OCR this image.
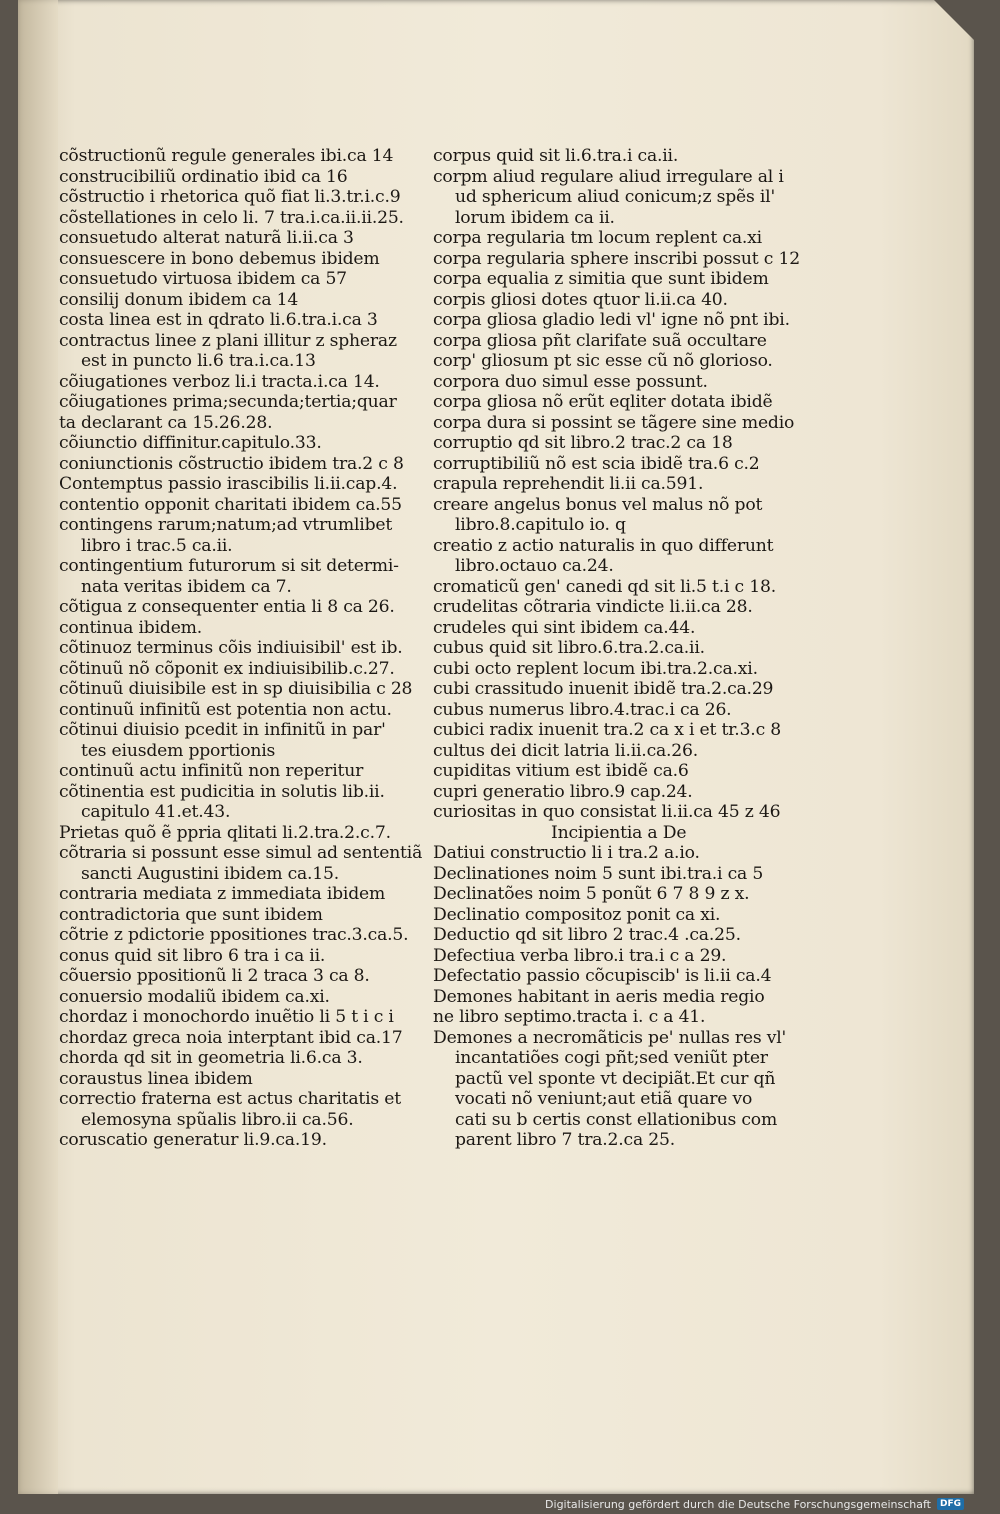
cõstructionũ regule generales ibi.ca 14
construcibiliũ ordinatio ibid ca 16
cõstructio i rhetorica quõ fiat li.3.tr.i.c.9
cõstellationes in celo li. 7 tra.i.ca.ii.ii.25.
consuetudo alterat naturã li.ii.ca 3
consuescere in bono debemus ibidem
consuetudo virtuosa ibidem ca 57
consilij donum ibidem ca 14
costa linea est in qdrato li.6.tra.i.ca 3
contractus linee z plani illitur z spheraz
est in puncto li.6 tra.i.ca.13
cõiugationes verboz li.i tracta.i.ca 14.
cõiugationes prima;secunda;tertia;quar
ta declarant ca 15.26.28.
cõiunctio diffinitur.capitulo.33.
coniunctionis cõstructio ibidem tra.2 c 8
Contemptus passio irascibilis li.ii.cap.4.
contentio opponit charitati ibidem ca.55
contingens rarum;natum;ad vtrumlibet
libro i trac.5 ca.ii.
contingentium futurorum si sit determi-
nata veritas ibidem ca 7.
cõtigua z consequenter entia li 8 ca 26.
continua ibidem.
cõtinuoz terminus cõis indiuisibil' est ib.
cõtinuũ nõ cõponit ex indiuisibilib.c.27.
cõtinuũ diuisibile est in sp diuisibilia c 28
continuũ infinitũ est potentia non actu.
cõtinui diuisio pcedit in infinitũ in par'
tes eiusdem pportionis
continuũ actu infinitũ non reperitur
cõtinentia est pudicitia in solutis lib.ii.
capitulo 41.et.43.
Prietas quõ ẽ ppria qlitati li.2.tra.2.c.7.
cõtraria si possunt esse simul ad sententiã
sancti Augustini ibidem ca.15.
contraria mediata z immediata ibidem
contradictoria que sunt ibidem
cõtrie z pdictorie ppositiones trac.3.ca.5.
conus quid sit libro 6 tra i ca ii.
cõuersio ppositionũ li 2 traca 3 ca 8.
conuersio modaliũ ibidem ca.xi.
chordaz i monochordo inuẽtio li 5 t i c i
chordaz greca noia interptant ibid ca.17
chorda qd sit in geometria li.6.ca 3.
coraustus linea ibidem
correctio fraterna est actus charitatis et
elemosyna spũalis libro.ii ca.56.
coruscatio generatur li.9.ca.19.
corpus quid sit li.6.tra.i ca.ii.
corpm aliud regulare aliud irregulare al i
ud sphericum aliud conicum;z spẽs il'
lorum ibidem ca ii.
corpa regularia tm locum replent ca.xi
corpa regularia sphere inscribi possut c 12
corpa equalia z simitia que sunt ibidem
corpis gliosi dotes qtuor li.ii.ca 40.
corpa gliosa gladio ledi vl' igne nõ pnt ibi.
corpa gliosa pñt clarifate suã occultare
corp' gliosum pt sic esse cũ nõ glorioso.
corpora duo simul esse possunt.
corpa gliosa nõ erũt eqliter dotata ibidẽ
corpa dura si possint se tãgere sine medio
corruptio qd sit libro.2 trac.2 ca 18
corruptibiliũ nõ est scia ibidẽ tra.6 c.2
crapula reprehendit li.ii ca.591.
creare angelus bonus vel malus nõ pot
libro.8.capitulo io. q
creatio z actio naturalis in quo differunt
libro.octauo ca.24.
cromaticũ gen' canedi qd sit li.5 t.i c 18.
crudelitas cõtraria vindicte li.ii.ca 28.
crudeles qui sint ibidem ca.44.
cubus quid sit libro.6.tra.2.ca.ii.
cubi octo replent locum ibi.tra.2.ca.xi.
cubi crassitudo inuenit ibidẽ tra.2.ca.29
cubus numerus libro.4.trac.i ca 26.
cubici radix inuenit tra.2 ca x i et tr.3.c 8
cultus dei dicit latria li.ii.ca.26.
cupiditas vitium est ibidẽ ca.6
cupri generatio libro.9 cap.24.
curiositas in quo consistat li.ii.ca 45 z 46
Incipientia a De
Datiui constructio li i tra.2 a.io.
Declinationes noim 5 sunt ibi.tra.i ca 5
Declinatões noim 5 ponũt 6 7 8 9 z x.
Declinatio compositoz ponit ca xi.
Deductio qd sit libro 2 trac.4 .ca.25.
Defectiua verba libro.i tra.i c a 29.
Defectatio passio cõcupiscib' is li.ii ca.4
Demones habitant in aeris media regio
ne libro septimo.tracta i. c a 41.
Demones a necromãticis pe' nullas res vl'
incantatiões cogi pñt;sed veniũt pter
pactũ vel sponte vt decipiãt.Et cur qñ
vocati nõ veniunt;aut etiã quare vo
cati su b certis const ellationibus com
parent libro 7 tra.2.ca 25.
Digitalisierung gefördert durch die Deutsche Forschungsgemeinschaft	DFG
